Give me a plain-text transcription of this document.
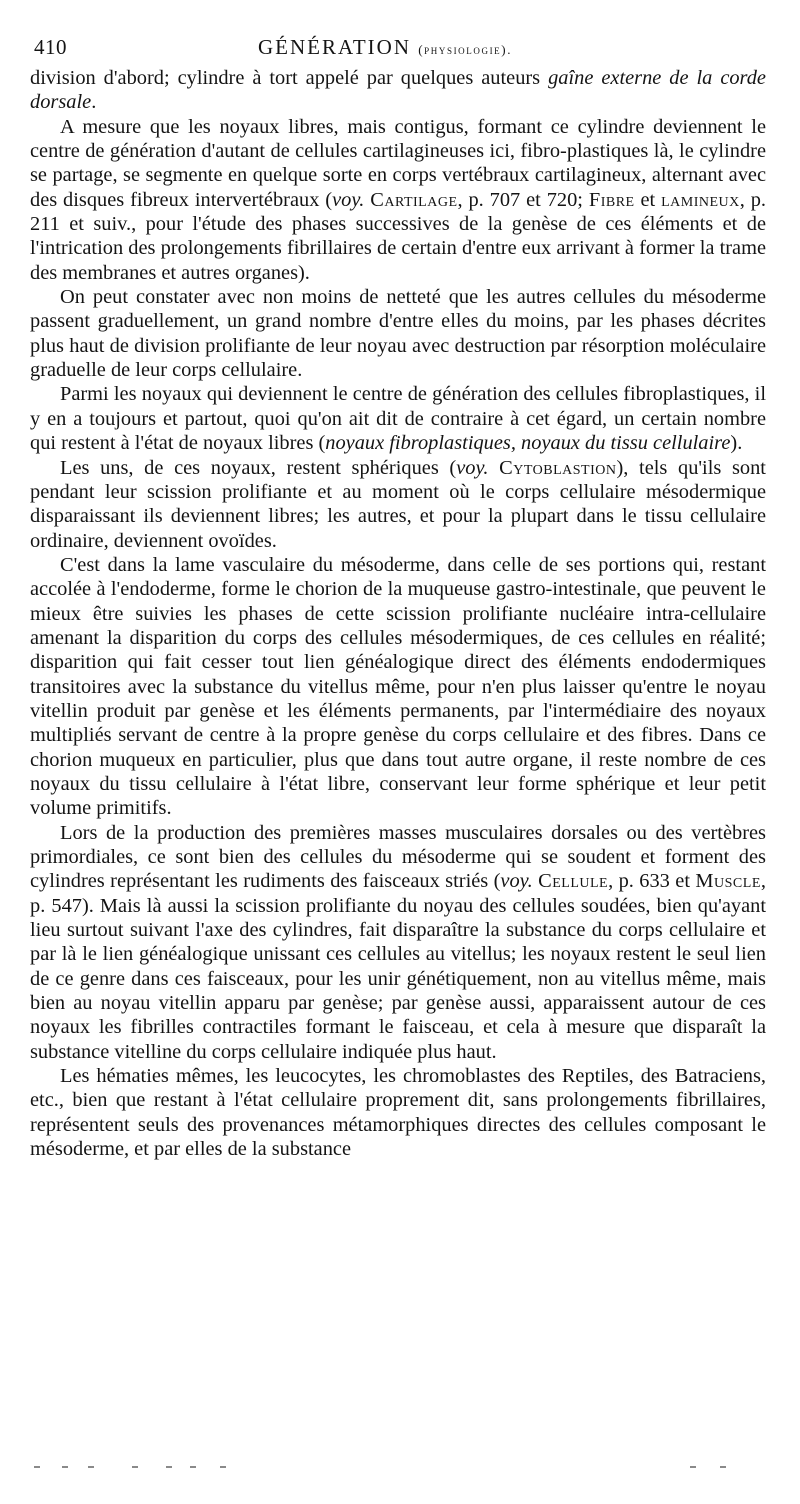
410	GÉNÉRATION (physiologie).

division d'abord; cylindre à tort appelé par quelques auteurs gaîne externe de la corde dorsale.

A mesure que les noyaux libres, mais contigus, formant ce cylindre deviennent le centre de génération d'autant de cellules cartilagineuses ici, fibro-plastiques là, le cylindre se partage, se segmente en quelque sorte en corps vertébraux cartilagineux, alternant avec des disques fibreux intervertébraux (voy. Cartilage, p. 707 et 720; Fibre et lamineux, p. 211 et suiv., pour l'étude des phases successives de la genèse de ces éléments et de l'intrication des prolongements fibrillaires de certain d'entre eux arrivant à former la trame des membranes et autres organes).

On peut constater avec non moins de netteté que les autres cellules du mésoderme passent graduellement, un grand nombre d'entre elles du moins, par les phases décrites plus haut de division prolifiante de leur noyau avec destruction par résorption moléculaire graduelle de leur corps cellulaire.

Parmi les noyaux qui deviennent le centre de génération des cellules fibroplastiques, il y en a toujours et partout, quoi qu'on ait dit de contraire à cet égard, un certain nombre qui restent à l'état de noyaux libres (noyaux fibroplastiques, noyaux du tissu cellulaire).

Les uns, de ces noyaux, restent sphériques (voy. Cytoblastion), tels qu'ils sont pendant leur scission prolifiante et au moment où le corps cellulaire mésodermique disparaissant ils deviennent libres; les autres, et pour la plupart dans le tissu cellulaire ordinaire, deviennent ovoïdes.

C'est dans la lame vasculaire du mésoderme, dans celle de ses portions qui, restant accolée à l'endoderme, forme le chorion de la muqueuse gastro-intestinale, que peuvent le mieux être suivies les phases de cette scission prolifiante nucléaire intra-cellulaire amenant la disparition du corps des cellules mésodermiques, de ces cellules en réalité; disparition qui fait cesser tout lien généalogique direct des éléments endodermiques transitoires avec la substance du vitellus même, pour n'en plus laisser qu'entre le noyau vitellin produit par genèse et les éléments permanents, par l'intermédiaire des noyaux multipliés servant de centre à la propre genèse du corps cellulaire et des fibres. Dans ce chorion muqueux en particulier, plus que dans tout autre organe, il reste nombre de ces noyaux du tissu cellulaire à l'état libre, conservant leur forme sphérique et leur petit volume primitifs.

Lors de la production des premières masses musculaires dorsales ou des vertèbres primordiales, ce sont bien des cellules du mésoderme qui se soudent et forment des cylindres représentant les rudiments des faisceaux striés (voy. Cellule, p. 633 et Muscle, p. 547). Mais là aussi la scission prolifiante du noyau des cellules soudées, bien qu'ayant lieu surtout suivant l'axe des cylindres, fait disparaître la substance du corps cellulaire et par là le lien généalogique unissant ces cellules au vitellus; les noyaux restent le seul lien de ce genre dans ces faisceaux, pour les unir génétiquement, non au vitellus même, mais bien au noyau vitellin apparu par genèse; par genèse aussi, apparaissent autour de ces noyaux les fibrilles contractiles formant le faisceau, et cela à mesure que disparaît la substance vitelline du corps cellulaire indiquée plus haut.

Les hématies mêmes, les leucocytes, les chromoblastes des Reptiles, des Batraciens, etc., bien que restant à l'état cellulaire proprement dit, sans prolongements fibrillaires, représentent seuls des provenances métamorphiques directes des cellules composant le mésoderme, et par elles de la substance
